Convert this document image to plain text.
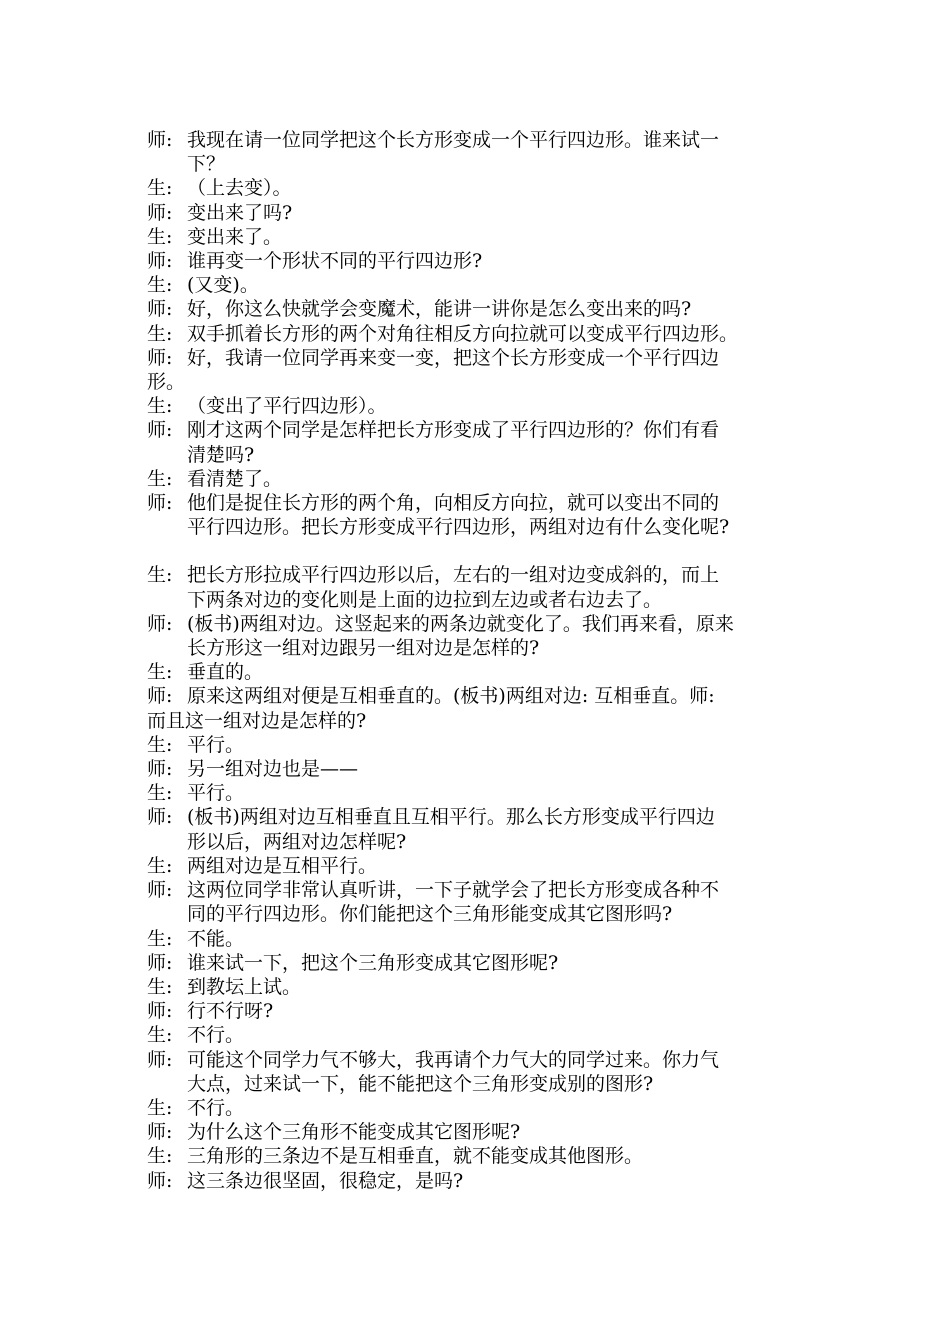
师: 我现在请一位同学把这个长方形变成一个平行四边形。谁来试一
下？
生: （上去变）。
师: 变出来了吗?
生: 变出来了。
师: 谁再变一个形状不同的平行四边形?
生: (又变)。
师: 好，你这么快就学会变魔术，能讲一讲你是怎么变出来的吗?
生: 双手抓着长方形的两个对角往相反方向拉就可以变成平行四边形。
师: 好，我请一位同学再来变一变，把这个长方形变成一个平行四边
形。
生: （变出了平行四边形）。
师: 刚才这两个同学是怎样把长方形变成了平行四边形的？你们有看
清楚吗?
生: 看清楚了。
师: 他们是捉住长方形的两个角，向相反方向拉，就可以变出不同的
平行四边形。把长方形变成平行四边形，两组对边有什么变化呢?
生: 把长方形拉成平行四边形以后，左右的一组对边变成斜的，而上
下两条对边的变化则是上面的边拉到左边或者右边去了。
师: (板书)两组对边。这竖起来的两条边就变化了。我们再来看，原来
长方形这一组对边跟另一组对边是怎样的?
生: 垂直的。
师: 原来这两组对便是互相垂直的。(板书)两组对边: 互相垂直。师:
而且这一组对边是怎样的?
生: 平行。
师: 另一组对边也是——
生: 平行。
师: (板书)两组对边互相垂直且互相平行。那么长方形变成平行四边
形以后，两组对边怎样呢?
生: 两组对边是互相平行。
师: 这两位同学非常认真听讲，一下子就学会了把长方形变成各种不
同的平行四边形。你们能把这个三角形能变成其它图形吗?
生: 不能。
师: 谁来试一下，把这个三角形变成其它图形呢?
生: 到教坛上试。
师: 行不行呀?
生: 不行。
师: 可能这个同学力气不够大，我再请个力气大的同学过来。你力气
大点，过来试一下，能不能把这个三角形变成别的图形?
生: 不行。
师: 为什么这个三角形不能变成其它图形呢?
生: 三角形的三条边不是互相垂直，就不能变成其他图形。
师: 这三条边很坚固，很稳定，是吗?
